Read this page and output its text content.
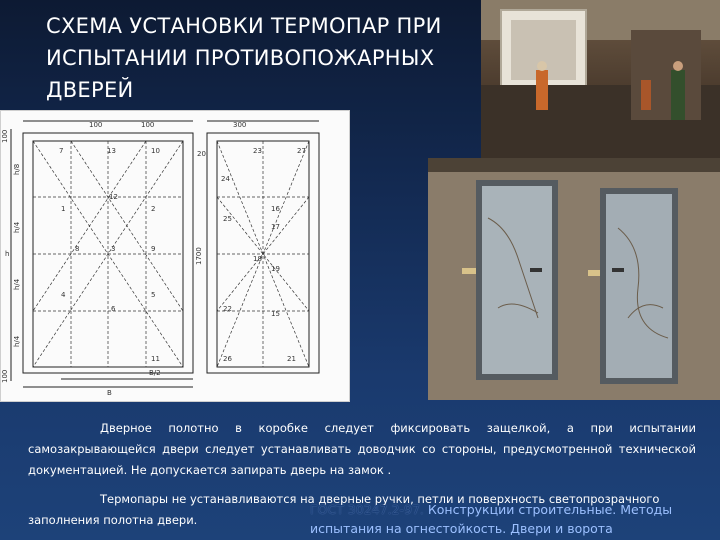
СХЕМА УСТАНОВКИ ТЕРМОПАР ПРИ
ИСПЫТАНИИ ПРОТИВОПОЖАРНЫХ
ДВЕРЕЙ
100	100	300
100
100	B/2
B
h
h/8
h/4
h/4
h/4
1700
7	13	10
12
1	2
8	3	9
4	5
6
11
20	23
24
25
16
17
18
19
22
15
26	21
27

Дверное полотно в коробке следует фиксировать защелкой, а при испытании самозакрывающейся двери следует устанавливать доводчик со стороны, предусмотренной технической документацией. Не допускается запирать дверь на замок .

Термопары не устанавливаются на дверные ручки, петли и поверхность светопрозрачного
заполнения полотна двери.

ГОСТ 30247.2-97. Конструкции строительные. Методы испытания на огнестойкость. Двери и ворота
